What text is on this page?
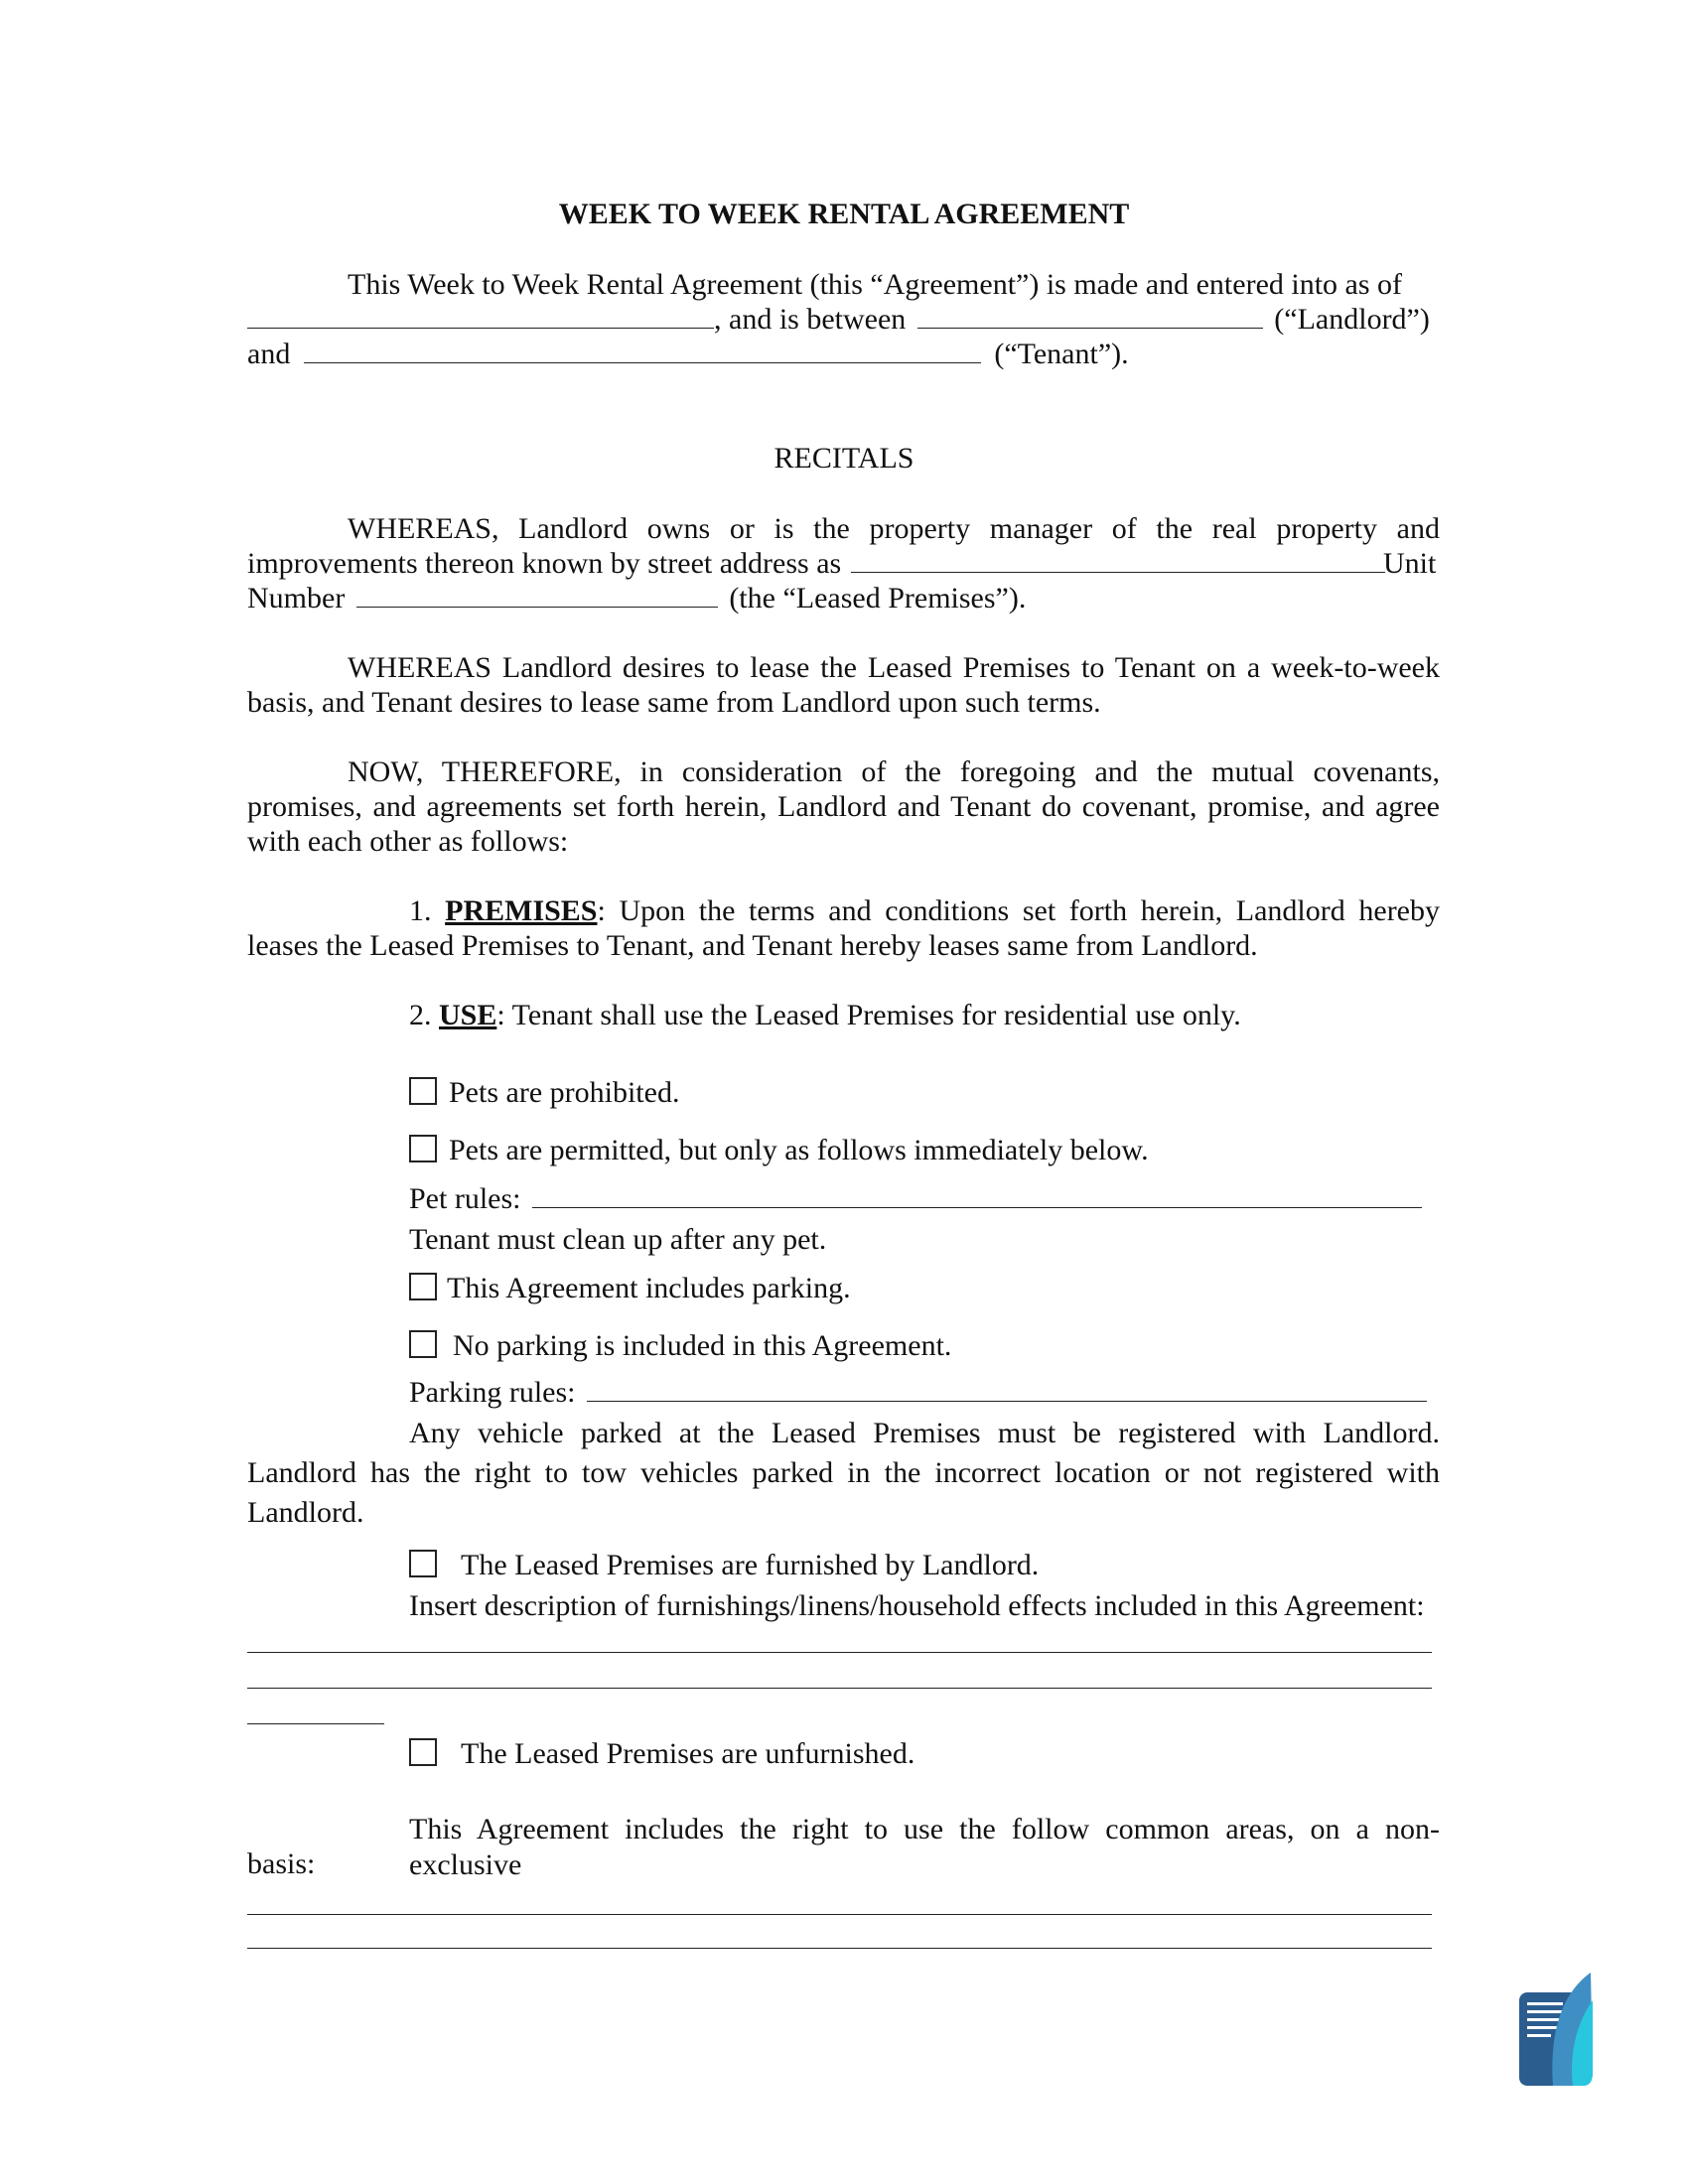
WEEK TO WEEK RENTAL AGREEMENT
This Week to Week Rental Agreement (this “Agreement”) is made and entered into as of
, and is between	(“Landlord”)
and	(“Tenant”).
RECITALS
WHEREAS, Landlord owns or is the property manager of the real property and
improvements thereon known by street address as	Unit
Number	(the “Leased Premises”).
WHEREAS Landlord desires to lease the Leased Premises to Tenant on a week-to-week
basis, and Tenant desires to lease same from Landlord upon such terms.
NOW, THEREFORE, in consideration of the foregoing and the mutual covenants,
promises, and agreements set forth herein, Landlord and Tenant do covenant, promise, and agree
with each other as follows:
1. PREMISES: Upon the terms and conditions set forth herein, Landlord hereby
leases the Leased Premises to Tenant, and Tenant hereby leases same from Landlord.
2. USE: Tenant shall use the Leased Premises for residential use only.
Pets are prohibited.
Pets are permitted, but only as follows immediately below.
Pet rules:
Tenant must clean up after any pet.
This Agreement includes parking.
No parking is included in this Agreement.
Parking rules:
Any vehicle parked at the Leased Premises must be registered with Landlord.
Landlord has the right to tow vehicles parked in the incorrect location or not registered with
Landlord.
The Leased Premises are furnished by Landlord.
Insert description of furnishings/linens/household effects included in this Agreement:
The Leased Premises are unfurnished.
This Agreement includes the right to use the follow common areas, on a non-exclusive
basis:
